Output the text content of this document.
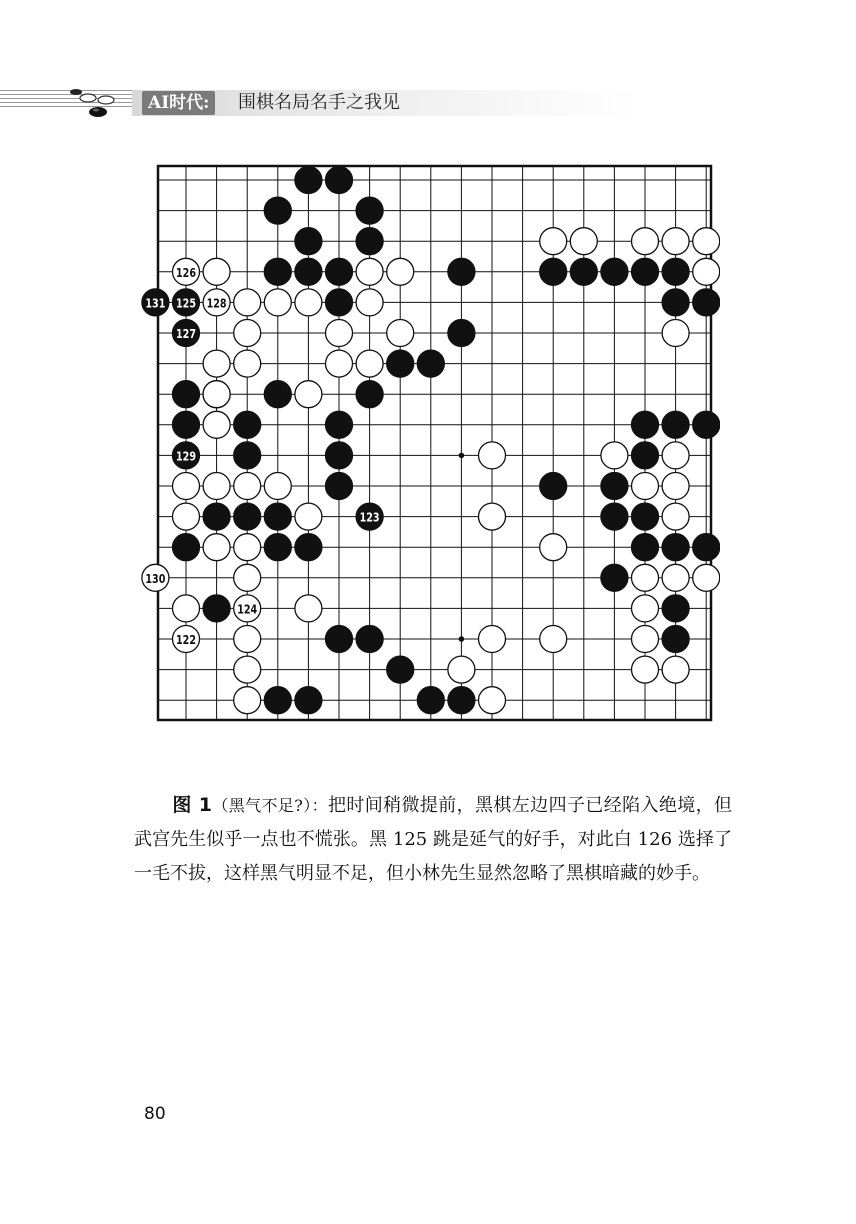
AI时代:	围棋名局名手之我见
131 125 128
126
127
129
123
130
124
122
图 1（黑气不足?）：把时间稍微提前，黑棋左边四子已经陷入绝境，但武宫先生似乎一点也不慌张。黑 125 跳是延气的好手，对此白 126 选择了一毛不拔，这样黑气明显不足，但小林先生显然忽略了黑棋暗藏的妙手。
80
